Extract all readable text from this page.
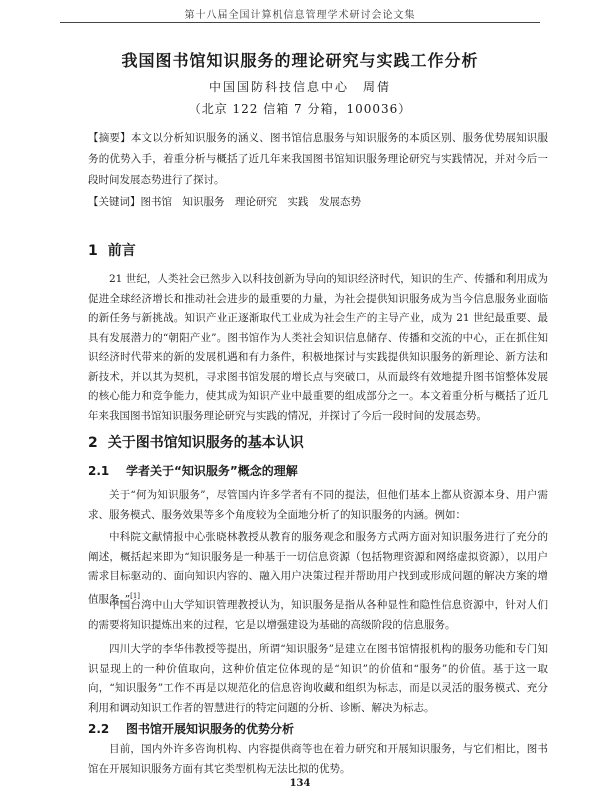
第十八届全国计算机信息管理学术研讨会论文集
我国图书馆知识服务的理论研究与实践工作分析
中国国防科技信息中心　周倩
（北京 122 信箱 7 分箱，100036）
【摘要】本文以分析知识服务的涵义、图书馆信息服务与知识服务的本质区别、服务优势展知识服务的优势入手，着重分析与概括了近几年来我国图书馆知识服务理论研究与实践情况，并对今后一段时间发展态势进行了探讨。
【关键词】图书馆　知识服务　理论研究　实践　发展态势
1 前言
21 世纪，人类社会已然步入以科技创新为导向的知识经济时代，知识的生产、传播和利用成为促进全球经济增长和推动社会进步的最重要的力量，为社会提供知识服务成为当今信息服务业面临的新任务与新挑战。知识产业正逐渐取代工业成为社会生产的主导产业，成为 21 世纪最重要、最具有发展潜力的“朝阳产业”。图书馆作为人类社会知识信息储存、传播和交流的中心，正在抓住知识经济时代带来的新的发展机遇和有力条件，积极地探讨与实践提供知识服务的新理论、新方法和新技术，并以其为契机，寻求图书馆发展的增长点与突破口，从而最终有效地提升图书馆整体发展的核心能力和竞争能力，使其成为知识产业中最重要的组成部分之一。本文着重分析与概括了近几年来我国图书馆知识服务理论研究与实践的情况，并探讨了今后一段时间的发展态势。
2 关于图书馆知识服务的基本认识
2.1 学者关于“知识服务”概念的理解
关于“何为知识服务”，尽管国内许多学者有不同的提法，但他们基本上都从资源本身、用户需求、服务模式、服务效果等多个角度较为全面地分析了的知识服务的内涵。例如：
中科院文献情报中心张晓林教授从教育的服务观念和服务方式两方面对知识服务进行了充分的阐述，概括起来即为“知识服务是一种基于一切信息资源（包括物理资源和网络虚拟资源），以用户需求目标驱动的、面向知识内容的、融入用户决策过程并帮助用户找到或形成问题的解决方案的增值服务。”[1]
中国台湾中山大学知识管理教授认为，知识服务是指从各种显性和隐性信息资源中，针对人们的需要将知识提炼出来的过程，它是以增强建设为基础的高级阶段的信息服务。
四川大学的李华伟教授等提出，所谓“知识服务”是建立在图书馆情报机构的服务功能和专门知识显现上的一种价值取向，这种价值定位体现的是“知识”的价值和“服务”的价值。基于这一取向，“知识服务”工作不再是以规范化的信息咨询收藏和组织为标志，而是以灵活的服务模式、充分利用和调动知识工作者的智慧进行的特定问题的分析、诊断、解决为标志。
2.2 图书馆开展知识服务的优势分析
目前，国内外许多咨询机构、内容提供商等也在着力研究和开展知识服务，与它们相比，图书馆在开展知识服务方面有其它类型机构无法比拟的优势。
134
